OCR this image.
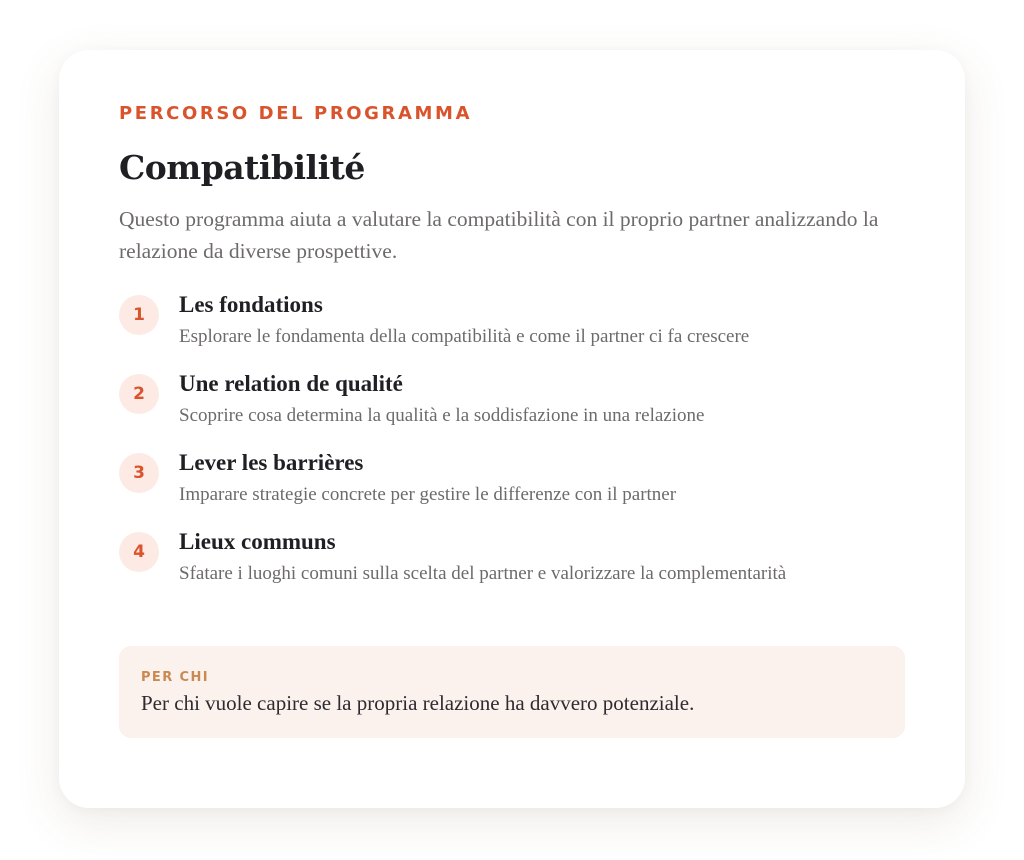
PERCORSO DEL PROGRAMMA
Compatibilité

Questo programma aiuta a valutare la compatibilità con il proprio partner analizzando la relazione da diverse prospettive.

1	Les fondations
Esplorare le fondamenta della compatibilità e come il partner ci fa crescere
2	Une relation de qualité
Scoprire cosa determina la qualità e la soddisfazione in una relazione
3	Lever les barrières
Imparare strategie concrete per gestire le differenze con il partner
4	Lieux communs
Sfatare i luoghi comuni sulla scelta del partner e valorizzare la complementarità
PER CHI
Per chi vuole capire se la propria relazione ha davvero potenziale.
